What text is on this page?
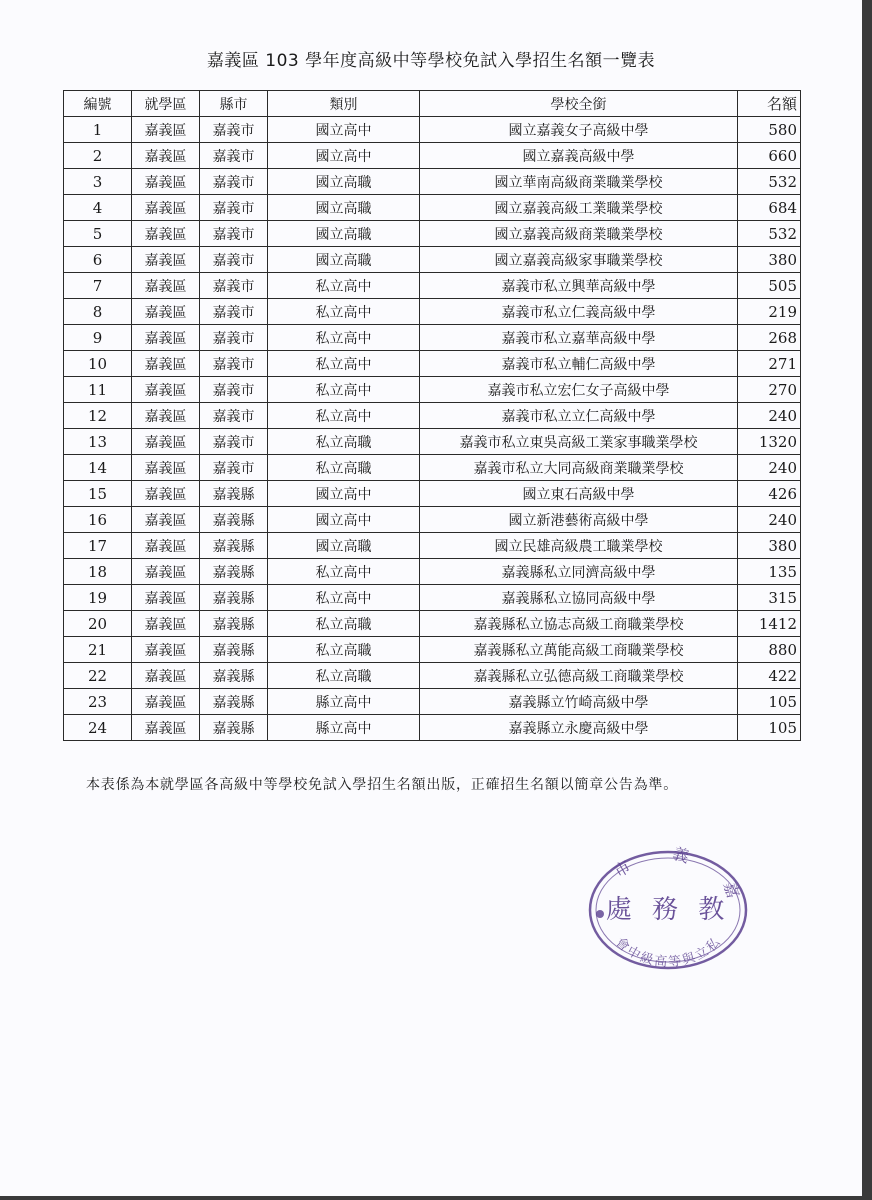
嘉義區 103 學年度高級中等學校免試入學招生名額一覽表
編號	就學區	縣市	類別	學校全銜	名額
1	嘉義區	嘉義市	國立高中	國立嘉義女子高級中學	580
2	嘉義區	嘉義市	國立高中	國立嘉義高級中學	660
3	嘉義區	嘉義市	國立高職	國立華南高級商業職業學校	532
4	嘉義區	嘉義市	國立高職	國立嘉義高級工業職業學校	684
5	嘉義區	嘉義市	國立高職	國立嘉義高級商業職業學校	532
6	嘉義區	嘉義市	國立高職	國立嘉義高級家事職業學校	380
7	嘉義區	嘉義市	私立高中	嘉義市私立興華高級中學	505
8	嘉義區	嘉義市	私立高中	嘉義市私立仁義高級中學	219
9	嘉義區	嘉義市	私立高中	嘉義市私立嘉華高級中學	268
10	嘉義區	嘉義市	私立高中	嘉義市私立輔仁高級中學	271
11	嘉義區	嘉義市	私立高中	嘉義市私立宏仁女子高級中學	270
12	嘉義區	嘉義市	私立高中	嘉義市私立立仁高級中學	240
13	嘉義區	嘉義市	私立高職	嘉義市私立東吳高級工業家事職業學校	1320
14	嘉義區	嘉義市	私立高職	嘉義市私立大同高級商業職業學校	240
15	嘉義區	嘉義縣	國立高中	國立東石高級中學	426
16	嘉義區	嘉義縣	國立高中	國立新港藝術高級中學	240
17	嘉義區	嘉義縣	國立高職	國立民雄高級農工職業學校	380
18	嘉義區	嘉義縣	私立高中	嘉義縣私立同濟高級中學	135
19	嘉義區	嘉義縣	私立高中	嘉義縣私立協同高級中學	315
20	嘉義區	嘉義縣	私立高職	嘉義縣私立協志高級工商職業學校	1412
21	嘉義區	嘉義縣	私立高職	嘉義縣私立萬能高級工商職業學校	880
22	嘉義區	嘉義縣	私立高職	嘉義縣私立弘德高級工商職業學校	422
23	嘉義區	嘉義縣	縣立高中	嘉義縣立竹崎高級中學	105
24	嘉義區	嘉義縣	縣立高中	嘉義縣立永慶高級中學	105
本表係為本就學區各高級中等學校免試入學招生名額出版，正確招生名額以簡章公告為準。
市 義 嘉
處 務 教
會中級高等與立私
